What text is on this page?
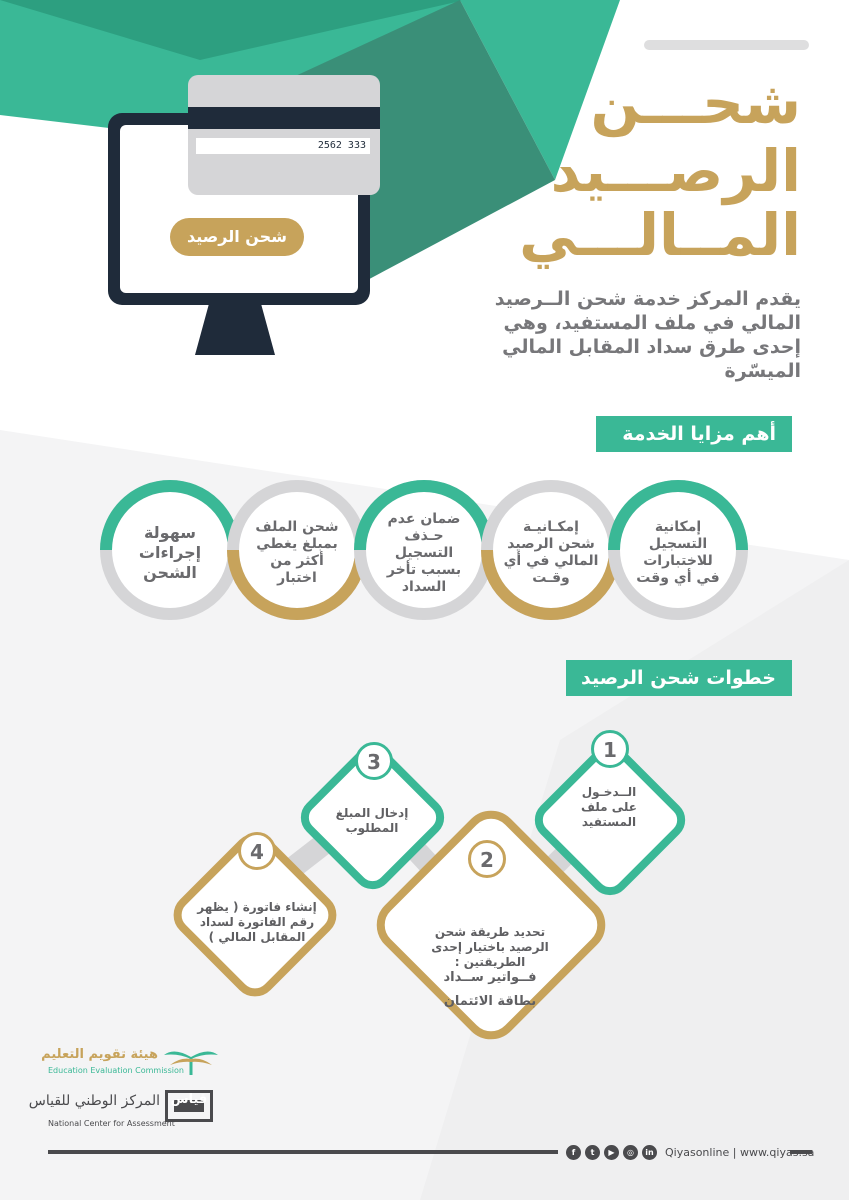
2562 333
شحن الرصيد
شحـــن
الرصـــيد
المــالـــي
يقدم المركز خدمة شحن الــرصيد المالي في ملف المستفيد، وهي إحدى طرق سداد المقابل المالي الميسّرة
أهم مزايا الخدمة
إمكانية التسجيل للاختبارات في أي وقت
إمكـانيـة شحن الرصيد المالي في أي وقـت
ضمان عدم حـذف التسجيل بسبب تأخر السداد
شحن الملف بمبلغ يغطي أكثر من اختبار
سهولة إجراءات الشحن
خطوات شحن الرصيد
1
الــدخـول على ملف المستفيد
2
تحديد طريقة شحن الرصيد باختيار إحدى الطريقتين :
فــواتير ســداد
بطاقة الائتمان
3
إدخال المبلغ المطلوب
4
إنشاء فاتورة ( يظهر رقم الفاتورة لسداد المقابل المالي )
هيئة تقويم التعليم
Education Evaluation Commission
قياس
المركز الوطني للقياس
National Center for Assessment
f	t	▶	◎	in Qiyasonline | www.qiyas.sa
